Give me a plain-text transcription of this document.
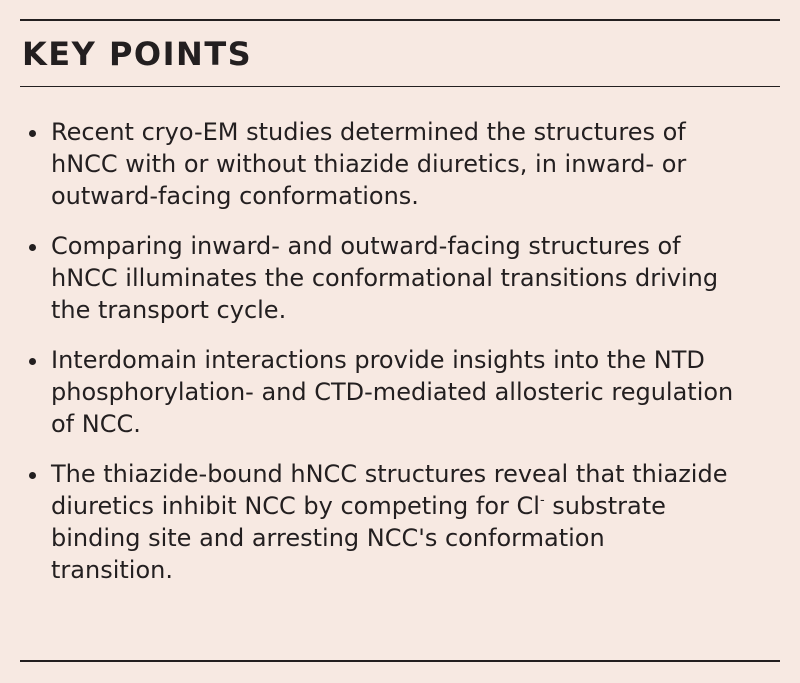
KEY POINTS
Recent cryo-EM studies determined the structures of
hNCC with or without thiazide diuretics, in inward- or
outward-facing conformations.
Comparing inward- and outward-facing structures of
hNCC illuminates the conformational transitions driving
the transport cycle.
Interdomain interactions provide insights into the NTD
phosphorylation- and CTD-mediated allosteric regulation
of NCC.
The thiazide-bound hNCC structures reveal that thiazide
diuretics inhibit NCC by competing for Cl- substrate
binding site and arresting NCC's conformation
transition.
